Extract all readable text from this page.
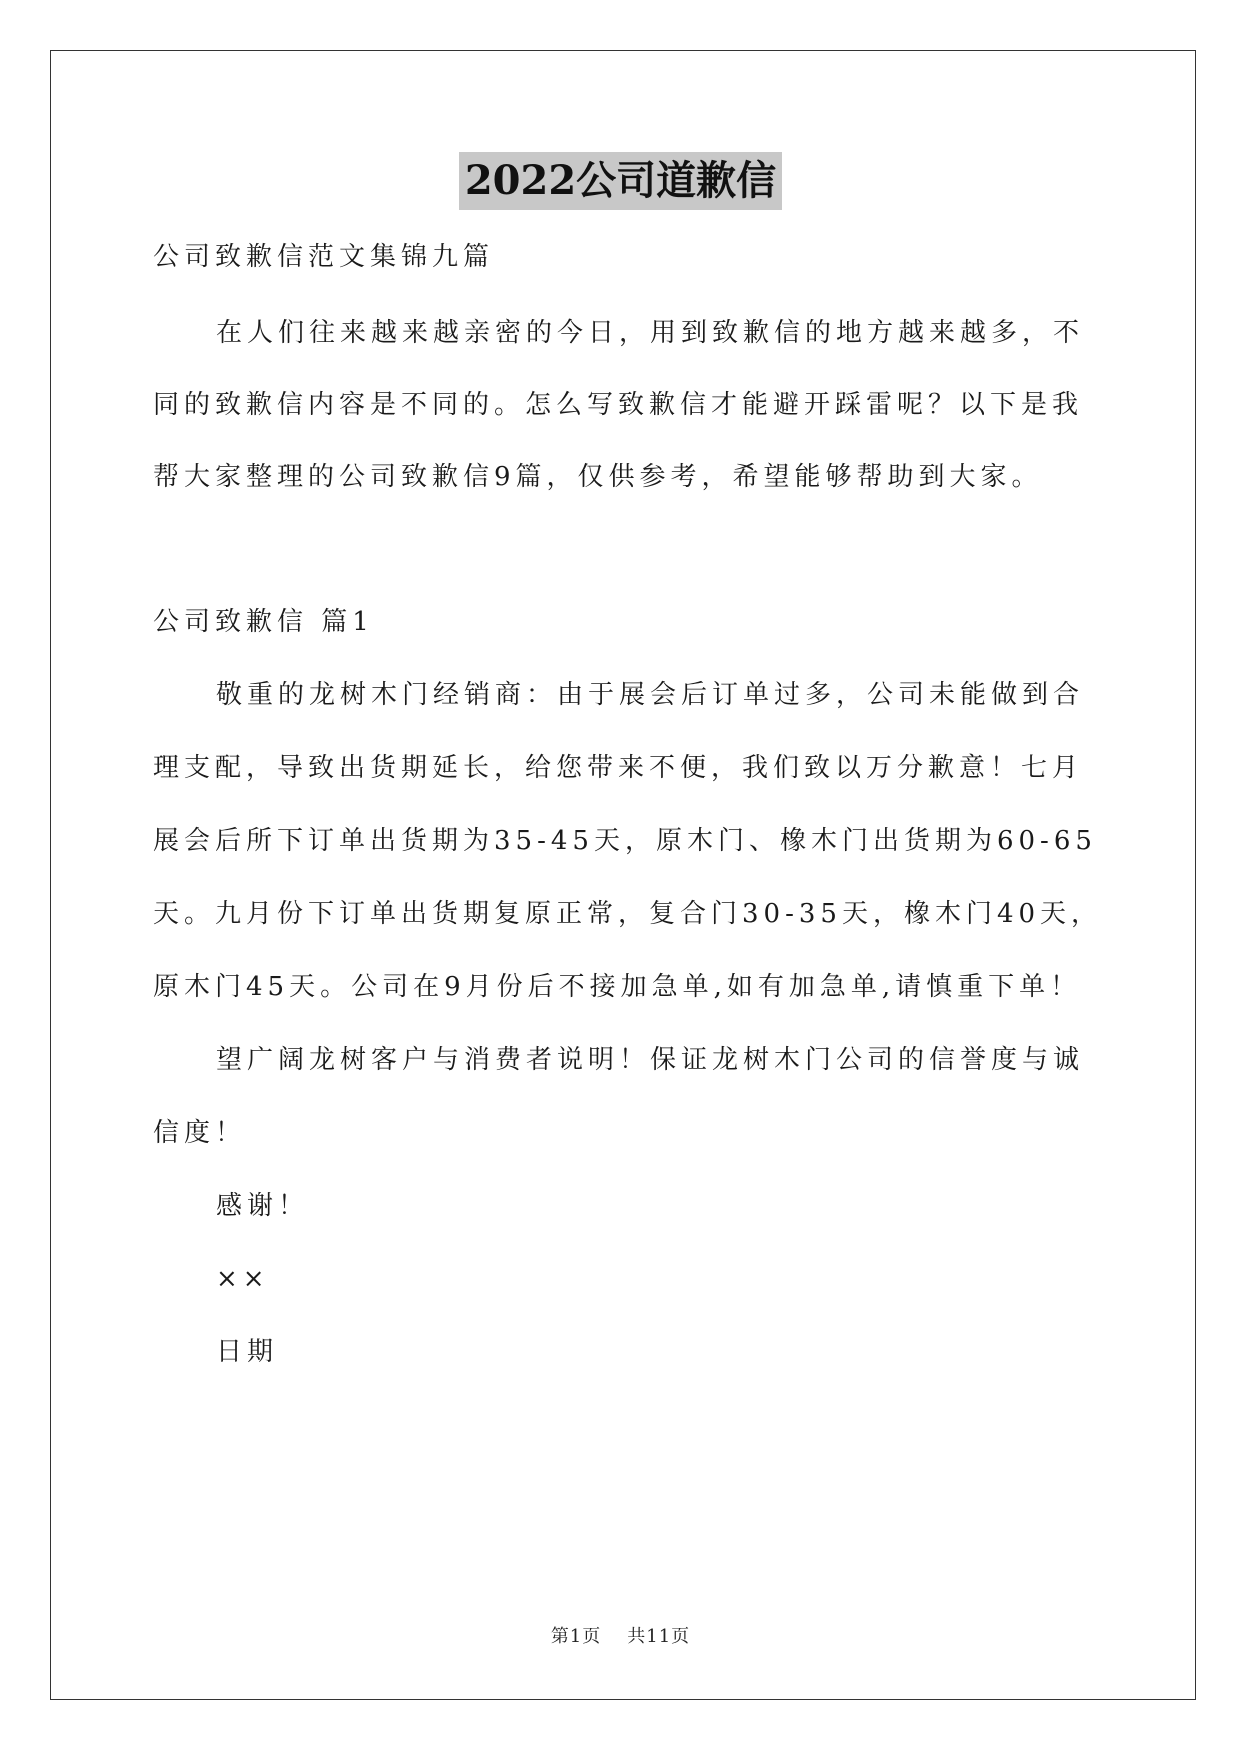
2022公司道歉信
公司致歉信范文集锦九篇
在人们往来越来越亲密的今日，用到致歉信的地方越来越多，不
同的致歉信内容是不同的。怎么写致歉信才能避开踩雷呢？以下是我
帮大家整理的公司致歉信9篇，仅供参考，希望能够帮助到大家。
公司致歉信 篇1
敬重的龙树木门经销商：由于展会后订单过多，公司未能做到合
理支配，导致出货期延长，给您带来不便，我们致以万分歉意！七月
展会后所下订单出货期为35-45天，原木门、橡木门出货期为60-65
天。九月份下订单出货期复原正常，复合门30-35天，橡木门40天，
原木门45天。公司在9月份后不接加急单,如有加急单,请慎重下单！
望广阔龙树客户与消费者说明！保证龙树木门公司的信誉度与诚
信度！
感谢！
××
日期
第1页 共11页
